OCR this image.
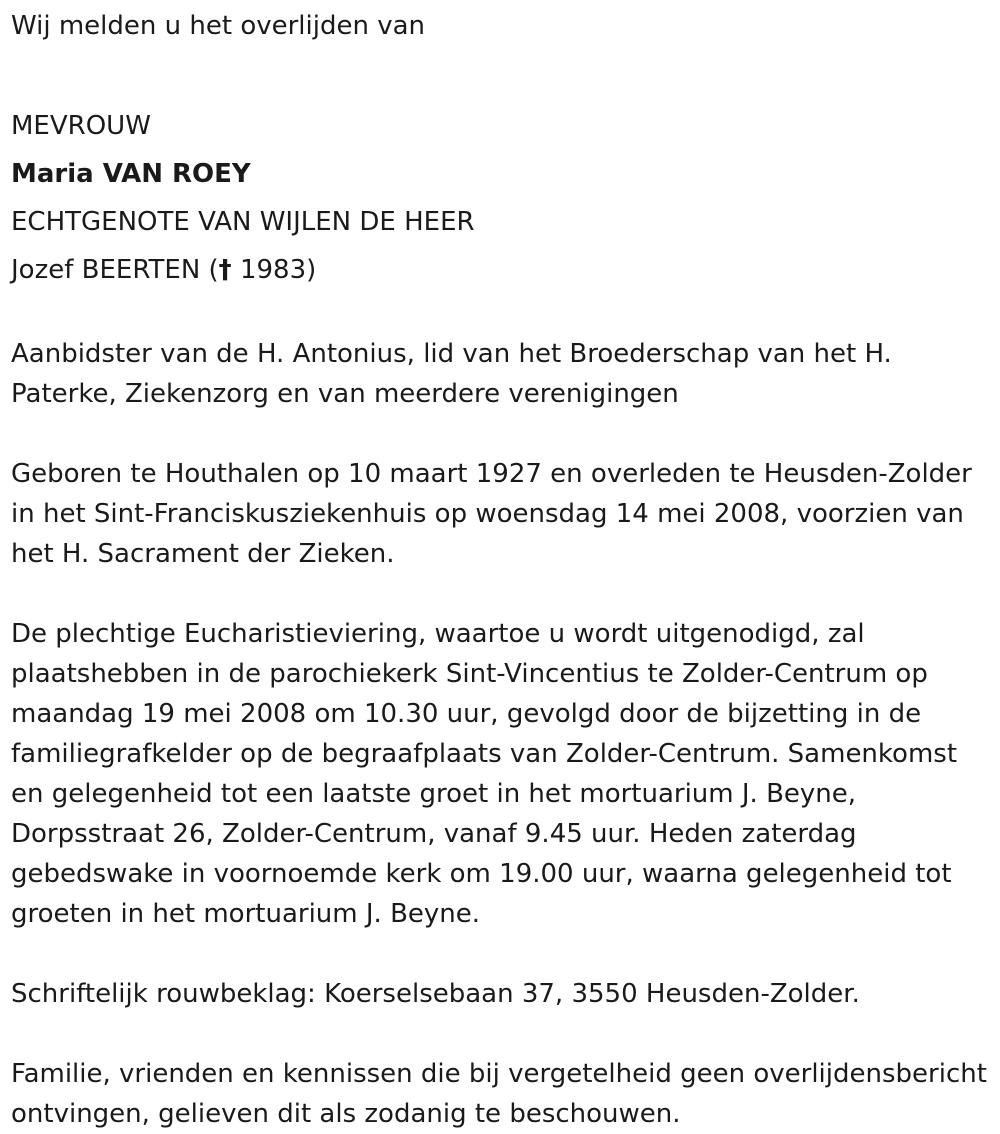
Wij melden u het overlijden van

MEVROUW

Maria VAN ROEY

ECHTGENOTE VAN WIJLEN DE HEER

Jozef BEERTEN († 1983)

Aanbidster van de H. Antonius, lid van het Broederschap van het H. Paterke, Ziekenzorg en van meerdere verenigingen

Geboren te Houthalen op 10 maart 1927 en overleden te Heusden-Zolder in het Sint-Franciskusziekenhuis op woensdag 14 mei 2008, voorzien van het H. Sacrament der Zieken.

De plechtige Eucharistieviering, waartoe u wordt uitgenodigd, zal plaatshebben in de parochiekerk Sint-Vincentius te Zolder-Centrum op maandag 19 mei 2008 om 10.30 uur, gevolgd door de bijzetting in de familiegrafkelder op de begraafplaats van Zolder-Centrum. Samenkomst en gelegenheid tot een laatste groet in het mortuarium J. Beyne, Dorpsstraat 26, Zolder-Centrum, vanaf 9.45 uur. Heden zaterdag gebedswake in voornoemde kerk om 19.00 uur, waarna gelegenheid tot groeten in het mortuarium J. Beyne.

Schriftelijk rouwbeklag: Koerselsebaan 37, 3550 Heusden-Zolder.

Familie, vrienden en kennissen die bij vergetelheid geen overlijdensbericht ontvingen, gelieven dit als zodanig te beschouwen.
